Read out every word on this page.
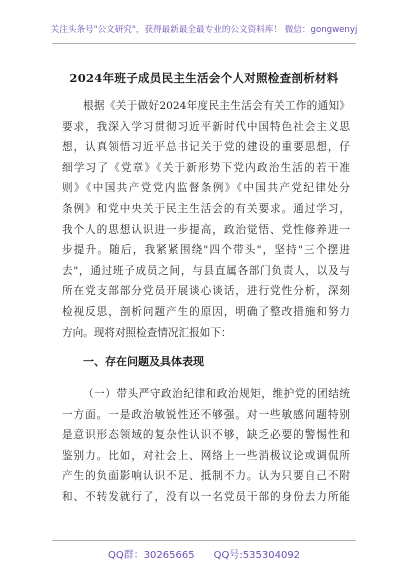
关注头条号"公文研究"，获得最新最全最专业的公文资料库！ 微信：gongwenyj
2024年班子成员民主生活会个人对照检查剖析材料
根据《关于做好2024年度民主生活会有关工作的通知》
要求，我深入学习贯彻习近平新时代中国特色社会主义思
想，认真领悟习近平总书记关于党的建设的重要思想，仔
细学习了《党章》《关于新形势下党内政治生活的若干准
则》《中国共产党党内监督条例》《中国共产党纪律处分
条例》和党中央关于民主生活会的有关要求。通过学习，
我个人的思想认识进一步提高，政治觉悟、党性修养进一
步提升。随后，我紧紧围绕"四个带头"，坚持"三个摆进
去"，通过班子成员之间，与县直属各部门负责人，以及与
所在党支部部分党员开展谈心谈话，进行党性分析，深刻
检视反思，剖析问题产生的原因，明确了整改措施和努力
方向。现将对照检查情况汇报如下：
一、存在问题及具体表现
（一）带头严守政治纪律和政治规矩，维护党的团结统
一方面。一是政治敏锐性还不够强。对一些敏感问题特别
是意识形态领域的复杂性认识不够，缺乏必要的警惕性和
鉴别力。比如，对社会上、网络上一些消极议论或调侃所
产生的负面影响认识不足、抵制不力。认为只要自己不附
和、不转发就行了，没有以一名党员干部的身份去力所能
QQ群：30265665      QQ号:535304092
